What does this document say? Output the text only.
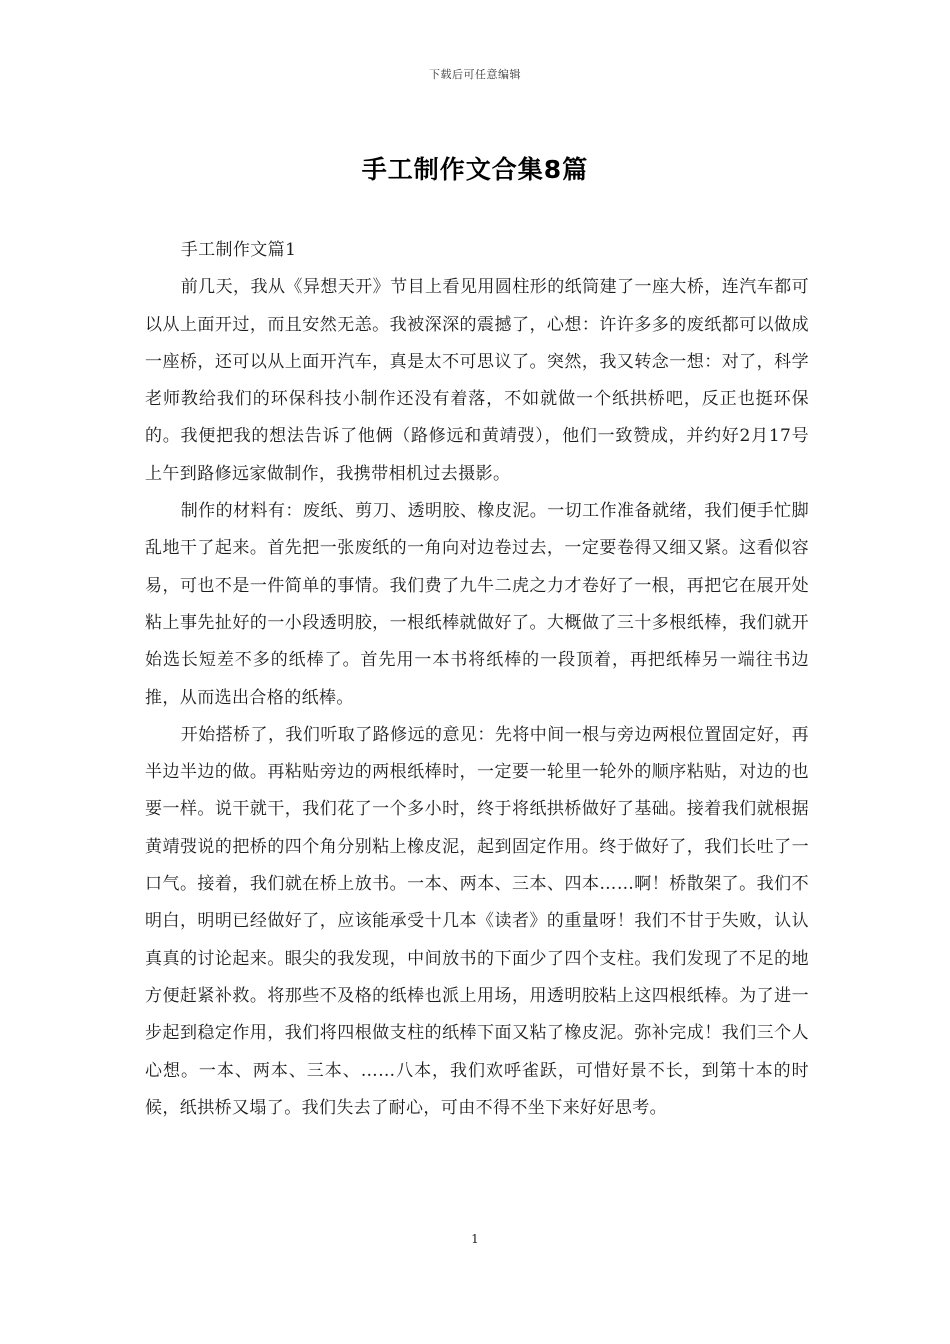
下载后可任意编辑
手工制作文合集8篇

手工制作文篇1

前几天，我从《异想天开》节目上看见用圆柱形的纸筒建了一座大桥，连汽车都可以从上面开过，而且安然无恙。我被深深的震撼了，心想：许许多多的废纸都可以做成一座桥，还可以从上面开汽车，真是太不可思议了。突然，我又转念一想：对了，科学老师教给我们的环保科技小制作还没有着落，不如就做一个纸拱桥吧，反正也挺环保的。我便把我的想法告诉了他俩（路修远和黄靖弢），他们一致赞成，并约好2月17号上午到路修远家做制作，我携带相机过去摄影。

制作的材料有：废纸、剪刀、透明胶、橡皮泥。一切工作准备就绪，我们便手忙脚乱地干了起来。首先把一张废纸的一角向对边卷过去，一定要卷得又细又紧。这看似容易，可也不是一件简单的事情。我们费了九牛二虎之力才卷好了一根，再把它在展开处粘上事先扯好的一小段透明胶，一根纸棒就做好了。大概做了三十多根纸棒，我们就开始选长短差不多的纸棒了。首先用一本书将纸棒的一段顶着，再把纸棒另一端往书边推，从而选出合格的纸棒。

开始搭桥了，我们听取了路修远的意见：先将中间一根与旁边两根位置固定好，再半边半边的做。再粘贴旁边的两根纸棒时，一定要一轮里一轮外的顺序粘贴，对边的也要一样。说干就干，我们花了一个多小时，终于将纸拱桥做好了基础。接着我们就根据黄靖弢说的把桥的四个角分别粘上橡皮泥，起到固定作用。终于做好了，我们长吐了一口气。接着，我们就在桥上放书。一本、两本、三本、四本……啊！桥散架了。我们不明白，明明已经做好了，应该能承受十几本《读者》的重量呀！我们不甘于失败，认认真真的讨论起来。眼尖的我发现，中间放书的下面少了四个支柱。我们发现了不足的地方便赶紧补救。将那些不及格的纸棒也派上用场，用透明胶粘上这四根纸棒。为了进一步起到稳定作用，我们将四根做支柱的纸棒下面又粘了橡皮泥。弥补完成！我们三个人心想。一本、两本、三本、……八本，我们欢呼雀跃，可惜好景不长，到第十本的时候，纸拱桥又塌了。我们失去了耐心，可由不得不坐下来好好思考。

1
